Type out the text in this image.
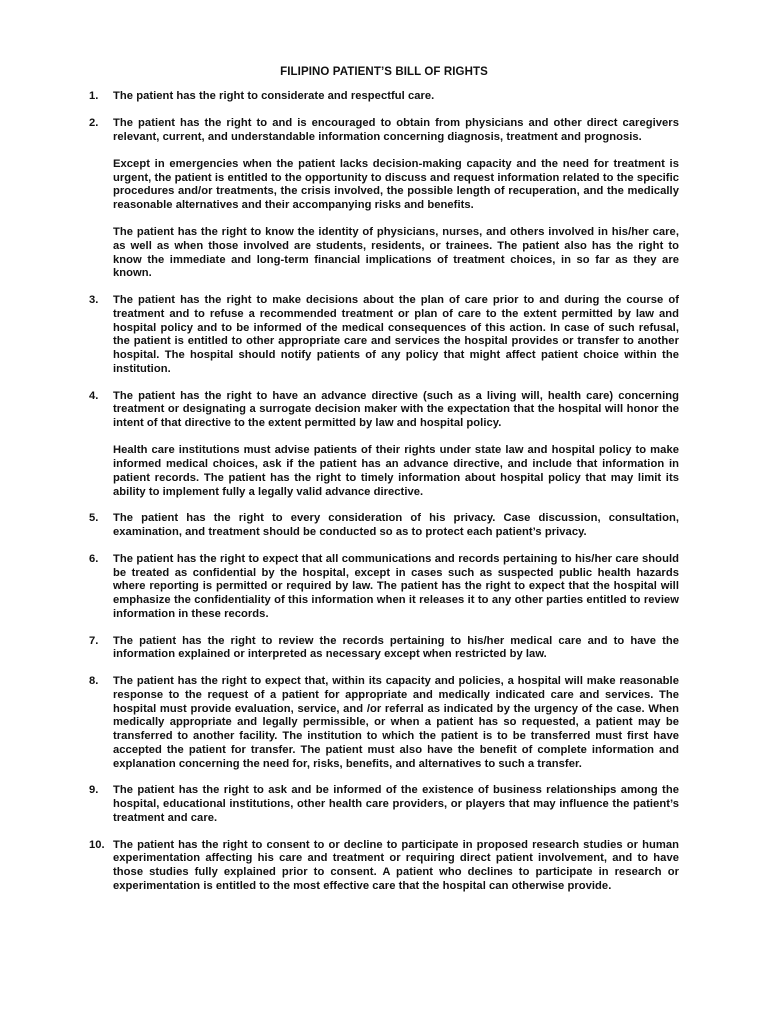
FILIPINO PATIENT’S BILL OF RIGHTS
1. The patient has the right to considerate and respectful care.

2. The patient has the right to and is encouraged to obtain from physicians and other direct caregivers relevant, current, and understandable information concerning diagnosis, treatment and prognosis.

Except in emergencies when the patient lacks decision-making capacity and the need for treatment is urgent, the patient is entitled to the opportunity to discuss and request information related to the specific procedures and/or treatments, the crisis involved, the possible length of recuperation, and the medically reasonable alternatives and their accompanying risks and benefits.

The patient has the right to know the identity of physicians, nurses, and others involved in his/her care, as well as when those involved are students, residents, or trainees. The patient also has the right to know the immediate and long-term financial implications of treatment choices, in so far as they are known.

3. The patient has the right to make decisions about the plan of care prior to and during the course of treatment and to refuse a recommended treatment or plan of care to the extent permitted by law and hospital policy and to be informed of the medical consequences of this action. In case of such refusal, the patient is entitled to other appropriate care and services the hospital provides or transfer to another hospital. The hospital should notify patients of any policy that might affect patient choice within the institution.

4. The patient has the right to have an advance directive (such as a living will, health care) concerning treatment or designating a surrogate decision maker with the expectation that the hospital will honor the intent of that directive to the extent permitted by law and hospital policy.

Health care institutions must advise patients of their rights under state law and hospital policy to make informed medical choices, ask if the patient has an advance directive, and include that information in patient records. The patient has the right to timely information about hospital policy that may limit its ability to implement fully a legally valid advance directive.

5. The patient has the right to every consideration of his privacy. Case discussion, consultation, examination, and treatment should be conducted so as to protect each patient’s privacy.

6. The patient has the right to expect that all communications and records pertaining to his/her care should be treated as confidential by the hospital, except in cases such as suspected public health hazards where reporting is permitted or required by law. The patient has the right to expect that the hospital will emphasize the confidentiality of this information when it releases it to any other parties entitled to review information in these records.

7. The patient has the right to review the records pertaining to his/her medical care and to have the information explained or interpreted as necessary except when restricted by law.

8. The patient has the right to expect that, within its capacity and policies, a hospital will make reasonable response to the request of a patient for appropriate and medically indicated care and services. The hospital must provide evaluation, service, and /or referral as indicated by the urgency of the case. When medically appropriate and legally permissible, or when a patient has so requested, a patient may be transferred to another facility. The institution to which the patient is to be transferred must first have accepted the patient for transfer. The patient must also have the benefit of complete information and explanation concerning the need for, risks, benefits, and alternatives to such a transfer.

9. The patient has the right to ask and be informed of the existence of business relationships among the hospital, educational institutions, other health care providers, or players that may influence the patient’s treatment and care.

10. The patient has the right to consent to or decline to participate in proposed research studies or human experimentation affecting his care and treatment or requiring direct patient involvement, and to have those studies fully explained prior to consent. A patient who declines to participate in research or experimentation is entitled to the most effective care that the hospital can otherwise provide.
